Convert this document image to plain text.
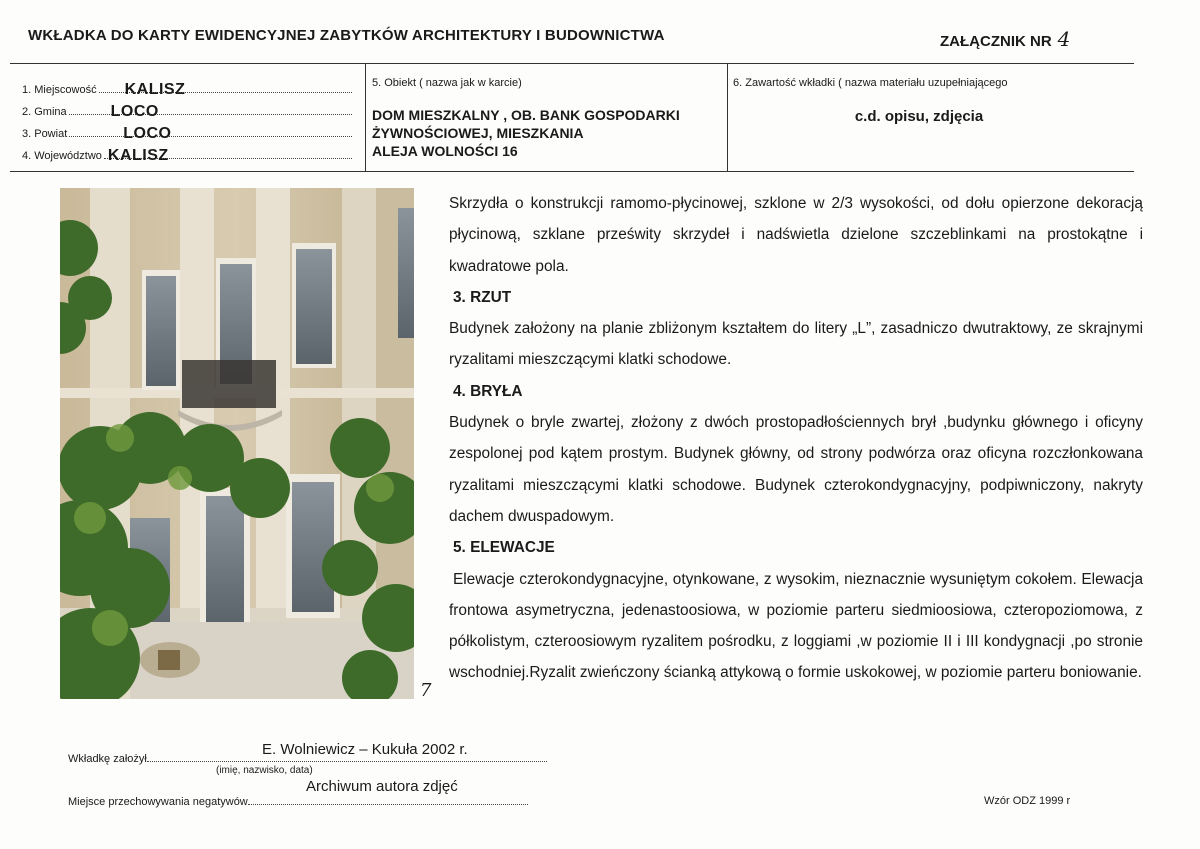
WKŁADKA DO KARTY EWIDENCYJNEJ ZABYTKÓW ARCHITEKTURY I BUDOWNICTWA	ZAŁĄCZNIK NR 4
1. Miejscowość KALISZ
2. Gmina	LOCO
3. Powiat	LOCO
4. Województwo KALISZ
5. Obiekt ( nazwa jak w karcie)
DOM MIESZKALNY , OB. BANK GOSPODARKI
ŻYWNOŚCIOWEJ, MIESZKANIA
ALEJA WOLNOŚCI 16
6. Zawartość wkładki ( nazwa materiału uzupełniającego
c.d. opisu, zdjęcia
7

Skrzydła o konstrukcji ramomo-płycinowej, szklone w 2/3 wysokości, od dołu opierzone dekoracją płycinową, szklane prześwity skrzydeł i nadświetla dzielone szczeblinkami na prostokątne i kwadratowe pola.

3. RZUT

Budynek założony na planie zbliżonym kształtem do litery „L”, zasadniczo dwutraktowy, ze skrajnymi ryzalitami mieszczącymi klatki schodowe.

4. BRYŁA

Budynek o bryle zwartej, złożony z dwóch prostopadłościennych brył ,budynku głównego i oficyny zespolonej pod kątem prostym. Budynek główny, od strony podwórza oraz oficyna rozczłonkowana ryzalitami mieszczącymi klatki schodowe. Budynek czterokondygnacyjny, podpiwniczony, nakryty dachem dwuspadowym.

5. ELEWACJE

Elewacje czterokondygnacyjne, otynkowane, z wysokim, nieznacznie wysuniętym cokołem. Elewacja frontowa asymetryczna, jedenastoosiowa, w poziomie parteru siedmioosiowa, czteropoziomowa, z półkolistym, czteroosiowym ryzalitem pośrodku, z loggiami ,w poziomie II i III kondygnacji ,po stronie wschodniej.Ryzalit zwieńczony ścianką attykową o formie uskokowej, w poziomie parteru boniowanie.

Wkładkę założył
E. Wolniewicz – Kukuła 2002 r.
(imię, nazwisko, data)
Miejsce przechowywania negatywów
Archiwum autora zdjęć
Wzór ODZ 1999 r
